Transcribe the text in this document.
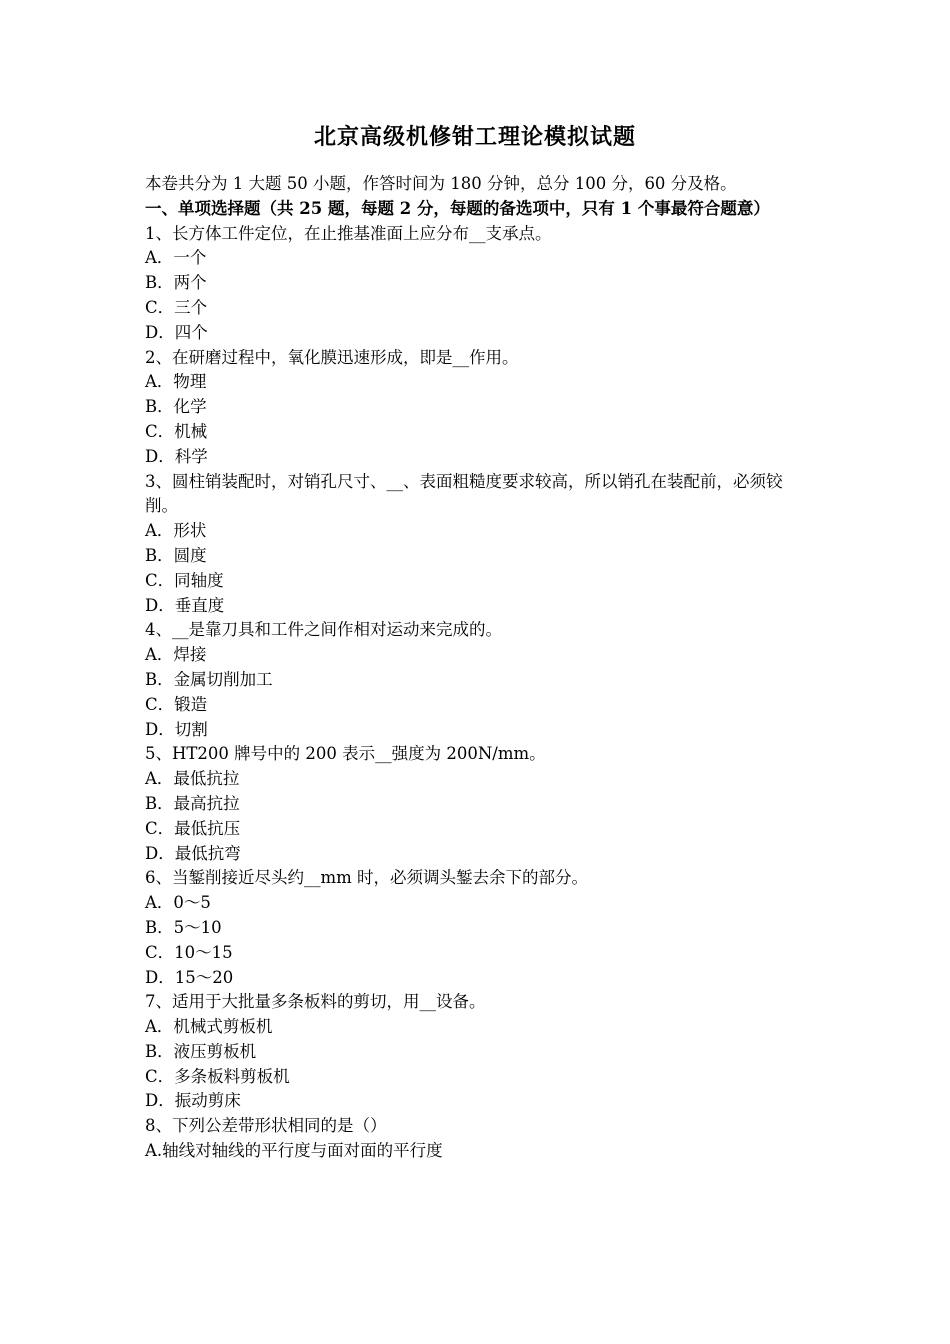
北京高级机修钳工理论模拟试题
本卷共分为 1 大题 50 小题，作答时间为 180 分钟，总分 100 分，60 分及格。
一、单项选择题（共 25 题，每题 2 分，每题的备选项中，只有 1 个事最符合题意）
1、长方体工件定位，在止推基准面上应分布__支承点。
A．一个
B．两个
C．三个
D．四个
2、在研磨过程中，氧化膜迅速形成，即是__作用。
A．物理
B．化学
C．机械
D．科学
3、圆柱销装配时，对销孔尺寸、__、表面粗糙度要求较高，所以销孔在装配前，必须铰削。
A．形状
B．圆度
C．同轴度
D．垂直度
4、__是靠刀具和工件之间作相对运动来完成的。
A．焊接
B．金属切削加工
C．锻造
D．切割
5、HT200 牌号中的 200 表示__强度为 200N/mm。
A．最低抗拉
B．最高抗拉
C．最低抗压
D．最低抗弯
6、当錾削接近尽头约__mm 时，必须调头錾去余下的部分。
A．0～5
B．5～10
C．10～15
D．15～20
7、适用于大批量多条板料的剪切，用__设备。
A．机械式剪板机
B．液压剪板机
C．多条板料剪板机
D．振动剪床
8、下列公差带形状相同的是（）
A.轴线对轴线的平行度与面对面的平行度
